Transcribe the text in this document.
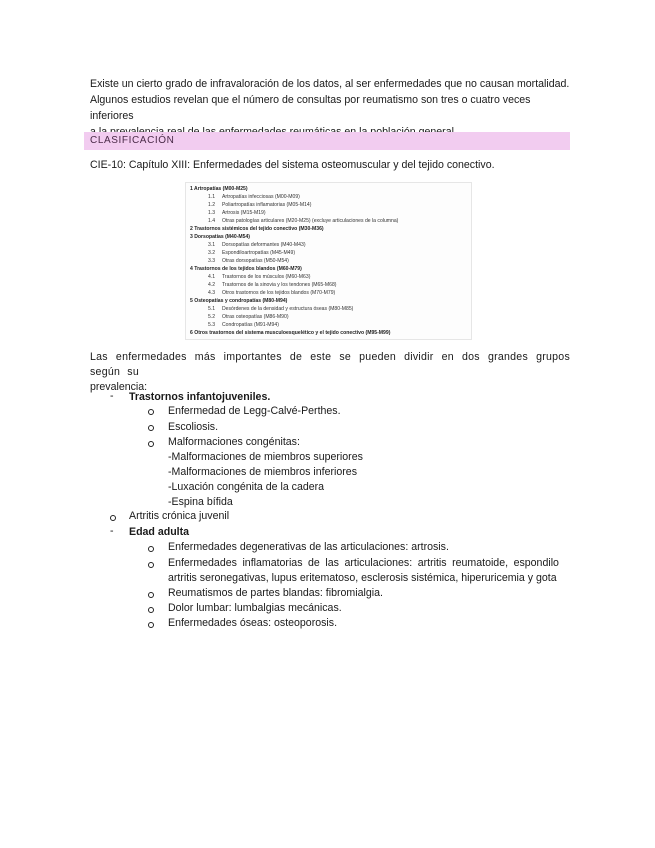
Existe un cierto grado de infravaloración de los datos, al ser enfermedades que no causan mortalidad.
Algunos estudios revelan que el número de consultas por reumatismo son tres o cuatro veces inferiores
CLASIFICACIÓN
CIE-10: Capítulo XIII: Enfermedades del sistema osteomuscular y del tejido conectivo.
1 Artropatías (M00-M25)
1.1 Artropatías infecciosas (M00-M09)
1.2 Poliartropatías inflamatorias (M05-M14)
1.3 Artrosis (M15-M19)
1.4 Otras patologías articulares (M20-M25) (excluye articulaciones de la columna)
2 Trastornos sistémicos del tejido conectivo (M30-M36)
3 Dorsopatías (M40-M54)
3.1 Dorsopatías deformantes (M40-M43)
3.2 Espondiloartropatías (M45-M49)
3.3 Otras dorsopatías (M50-M54)
4 Trastornos de los tejidos blandos (M60-M79)
4.1 Trastornos de los músculos (M60-M63)
4.2 Trastornos de la sinovia y los tendones (M65-M68)
4.3 Otros trastornos de los tejidos blandos (M70-M79)
5 Osteopatías y condropatías (M80-M94)
5.1 Desórdenes de la densidad y estructura óseas (M80-M85)
5.2 Otras osteopatías (M86-M90)
5.3 Condropatías (M91-M94)
6 Otros trastornos del sistema musculoesquelético y el tejido conectivo (M95-M99)
Las enfermedades más importantes de este se pueden dividir en dos grandes grupos según su
prevalencia:
- Trastornos infantojuveniles.
Enfermedad de Legg-Calvé-Perthes.
Escoliosis.
Malformaciones congénitas:
-Malformaciones de miembros superiores
-Malformaciones de miembros inferiores
-Luxación congénita de la cadera
-Espina bífida
Artritis crónica juvenil
- Edad adulta
Enfermedades degenerativas de las articulaciones: artrosis.
Enfermedades inflamatorias de las articulaciones: artritis reumatoide, espondilo
artritis seronegativas, lupus eritematoso, esclerosis sistémica, hiperuricemia y gota
Reumatismos de partes blandas: fibromialgia.
Dolor lumbar: lumbalgias mecánicas.
Enfermedades óseas: osteoporosis.
